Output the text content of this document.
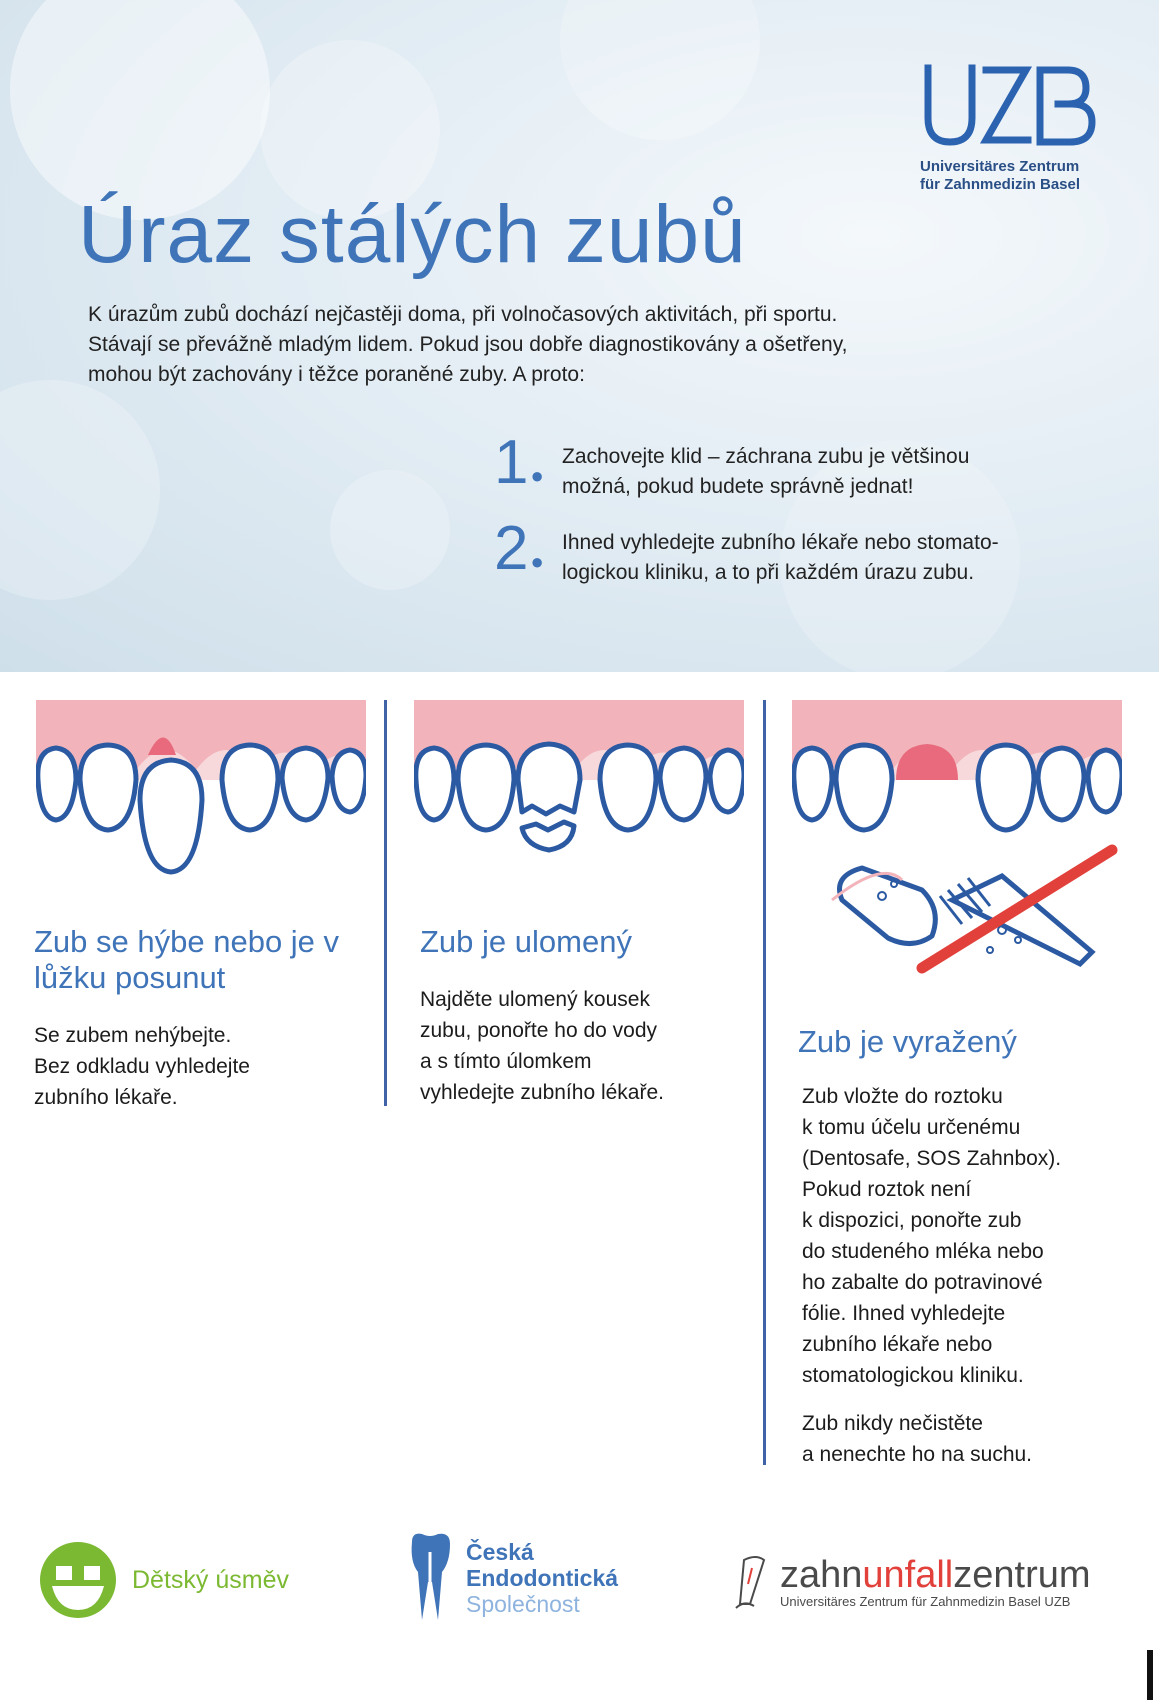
Universitäres Zentrum
für Zahnmedizin Basel
Úraz stálých zubů

K úrazům zubů dochází nejčastěji doma, při volnočasových aktivitách, při sportu. Stávají se převážně mladým lidem. Pokud jsou dobře diagnostikovány a ošetřeny, mohou být zachovány i těžce poraněné zuby. A proto:

1●
Zachovejte klid – záchrana zubu je většinou možná, pokud budete správně jednat!
2●
Ihned vyhledejte zubního lékaře nebo stomato-logickou kliniku, a to při každém úrazu zubu.
Zub se hýbe nebo je v lůžku posunut

Se zubem nehýbejte.
Bez odkladu vyhledejte
zubního lékaře.

Zub je ulomený

Najděte ulomený kousek
zubu, ponořte ho do vody
a s tímto úlomkem
vyhledejte zubního lékaře.

Zub je vyražený

Zub vložte do roztoku
k tomu účelu určenému
(Dentosafe, SOS Zahnbox).
Pokud roztok není
k dispozici, ponořte zub
do studeného mléka nebo
ho zabalte do potravinové
fólie. Ihned vyhledejte
zubního lékaře nebo
stomatologickou kliniku.

Zub nikdy nečistěte
a nenechte ho na suchu.

Dětský úsměv
Česká
Endodontická
Společnost
zahnunfallzentrum
Universitäres Zentrum für Zahnmedizin Basel UZB
